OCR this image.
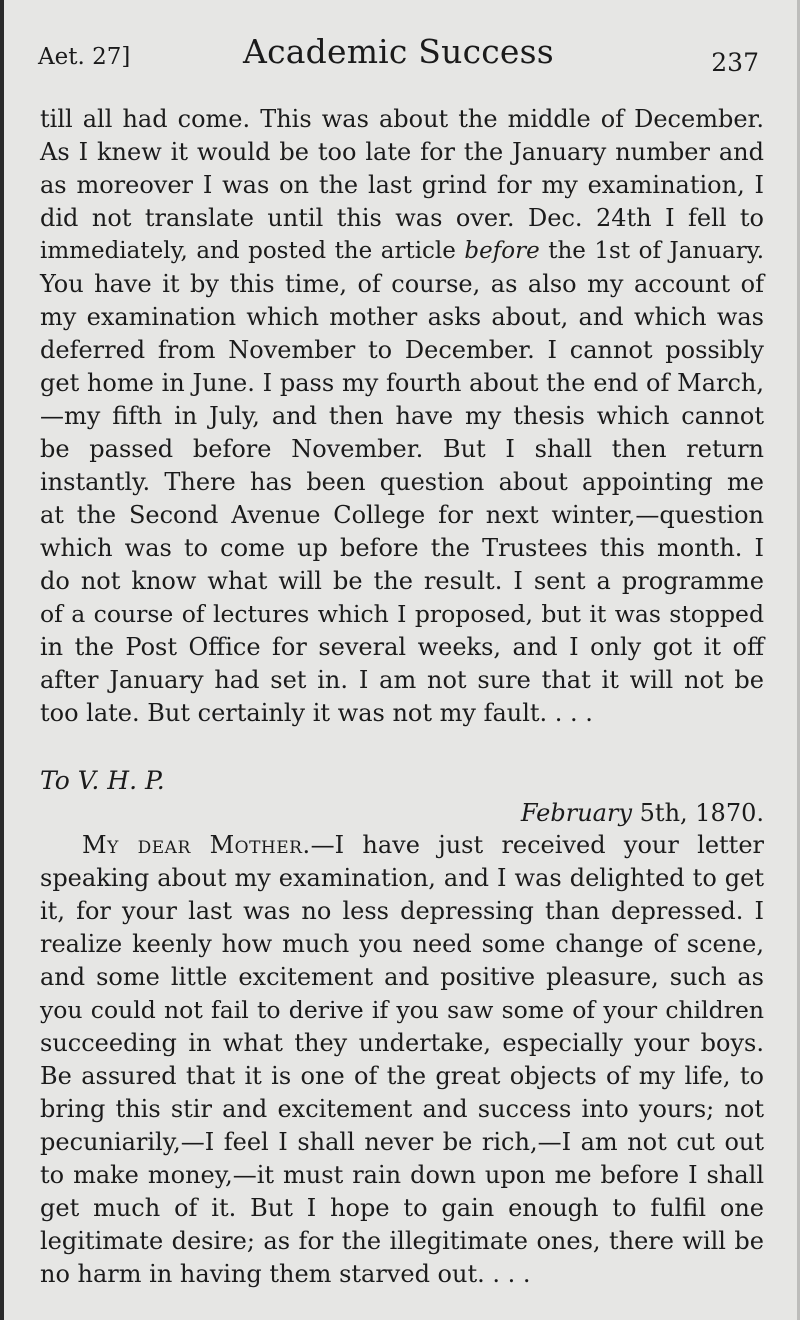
Aet. 27]	Academic Success	237
till all had come. This was about the middle of December.
As I knew it would be too late for the January number and
as moreover I was on the last grind for my examination, I
did not translate until this was over. Dec. 24th I fell to
immediately, and posted the article before the 1st of January.
You have it by this time, of course, as also my account of
my examination which mother asks about, and which was
deferred from November to December. I cannot possibly
get home in June. I pass my fourth about the end of March,
—my fifth in July, and then have my thesis which cannot
be passed before November. But I shall then return
instantly. There has been question about appointing me
at the Second Avenue College for next winter,—question
which was to come up before the Trustees this month. I
do not know what will be the result. I sent a programme
of a course of lectures which I proposed, but it was stopped
in the Post Office for several weeks, and I only got it off
after January had set in. I am not sure that it will not be
too late. But certainly it was not my fault. . . .
To V. H. P.
February 5th, 1870.
My dear Mother.—I have just received your letter
speaking about my examination, and I was delighted to get
it, for your last was no less depressing than depressed. I
realize keenly how much you need some change of scene,
and some little excitement and positive pleasure, such as
you could not fail to derive if you saw some of your children
succeeding in what they undertake, especially your boys.
Be assured that it is one of the great objects of my life, to
bring this stir and excitement and success into yours; not
pecuniarily,—I feel I shall never be rich,—I am not cut out
to make money,—it must rain down upon me before I shall
get much of it. But I hope to gain enough to fulfil one
legitimate desire; as for the illegitimate ones, there will be
no harm in having them starved out. . . .
